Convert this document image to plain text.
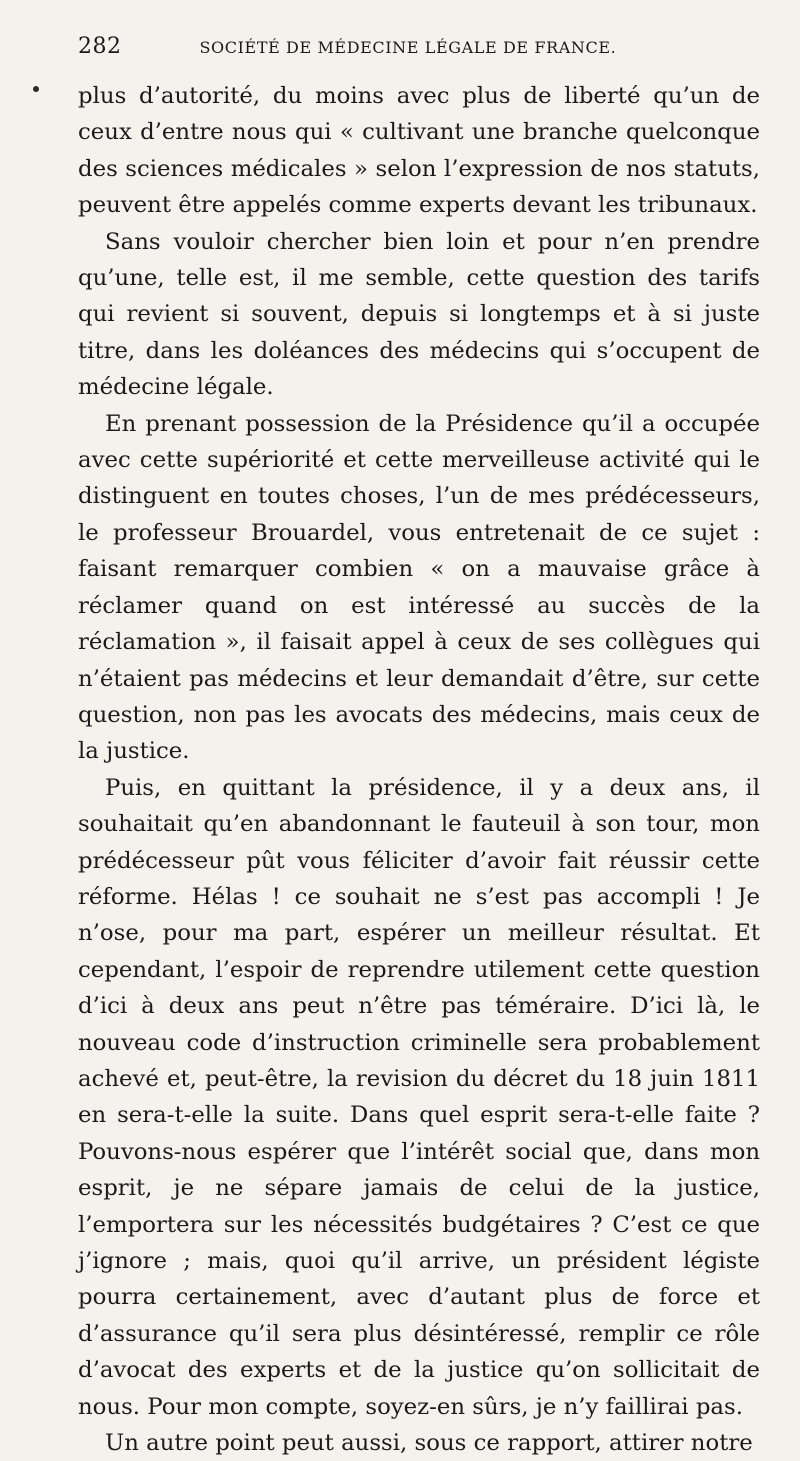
282	SOCIÉTÉ DE MÉDECINE LÉGALE DE FRANCE.

plus d’autorité, du moins avec plus de liberté qu’un de ceux d’entre nous qui « cultivant une branche quelconque des sciences médicales » selon l’expression de nos statuts, peuvent être appelés comme experts devant les tribunaux.

Sans vouloir chercher bien loin et pour n’en prendre qu’une, telle est, il me semble, cette question des tarifs qui revient si souvent, depuis si longtemps et à si juste titre, dans les doléances des médecins qui s’occupent de médecine légale.

En prenant possession de la Présidence qu’il a occupée avec cette supériorité et cette merveilleuse activité qui le distinguent en toutes choses, l’un de mes prédécesseurs, le professeur Brouardel, vous entretenait de ce sujet : faisant remarquer combien « on a mauvaise grâce à réclamer quand on est intéressé au succès de la réclamation », il faisait appel à ceux de ses collègues qui n’étaient pas médecins et leur demandait d’être, sur cette question, non pas les avocats des médecins, mais ceux de la justice.

Puis, en quittant la présidence, il y a deux ans, il souhaitait qu’en abandonnant le fauteuil à son tour, mon prédécesseur pût vous féliciter d’avoir fait réussir cette réforme. Hélas ! ce souhait ne s’est pas accompli ! Je n’ose, pour ma part, espérer un meilleur résultat. Et cependant, l’espoir de reprendre utilement cette question d’ici à deux ans peut n’être pas téméraire. D’ici là, le nouveau code d’instruction criminelle sera probablement achevé et, peut-être, la revision du décret du 18 juin 1811 en sera-t-elle la suite. Dans quel esprit sera-t-elle faite ? Pouvons-nous espérer que l’intérêt social que, dans mon esprit, je ne sépare jamais de celui de la justice, l’emportera sur les nécessités budgétaires ? C’est ce que j’ignore ; mais, quoi qu’il arrive, un président légiste pourra certainement, avec d’autant plus de force et d’assurance qu’il sera plus désintéressé, remplir ce rôle d’avocat des experts et de la justice qu’on sollicitait de nous. Pour mon compte, soyez-en sûrs, je n’y faillirai pas.

Un autre point peut aussi, sous ce rapport, attirer notre
